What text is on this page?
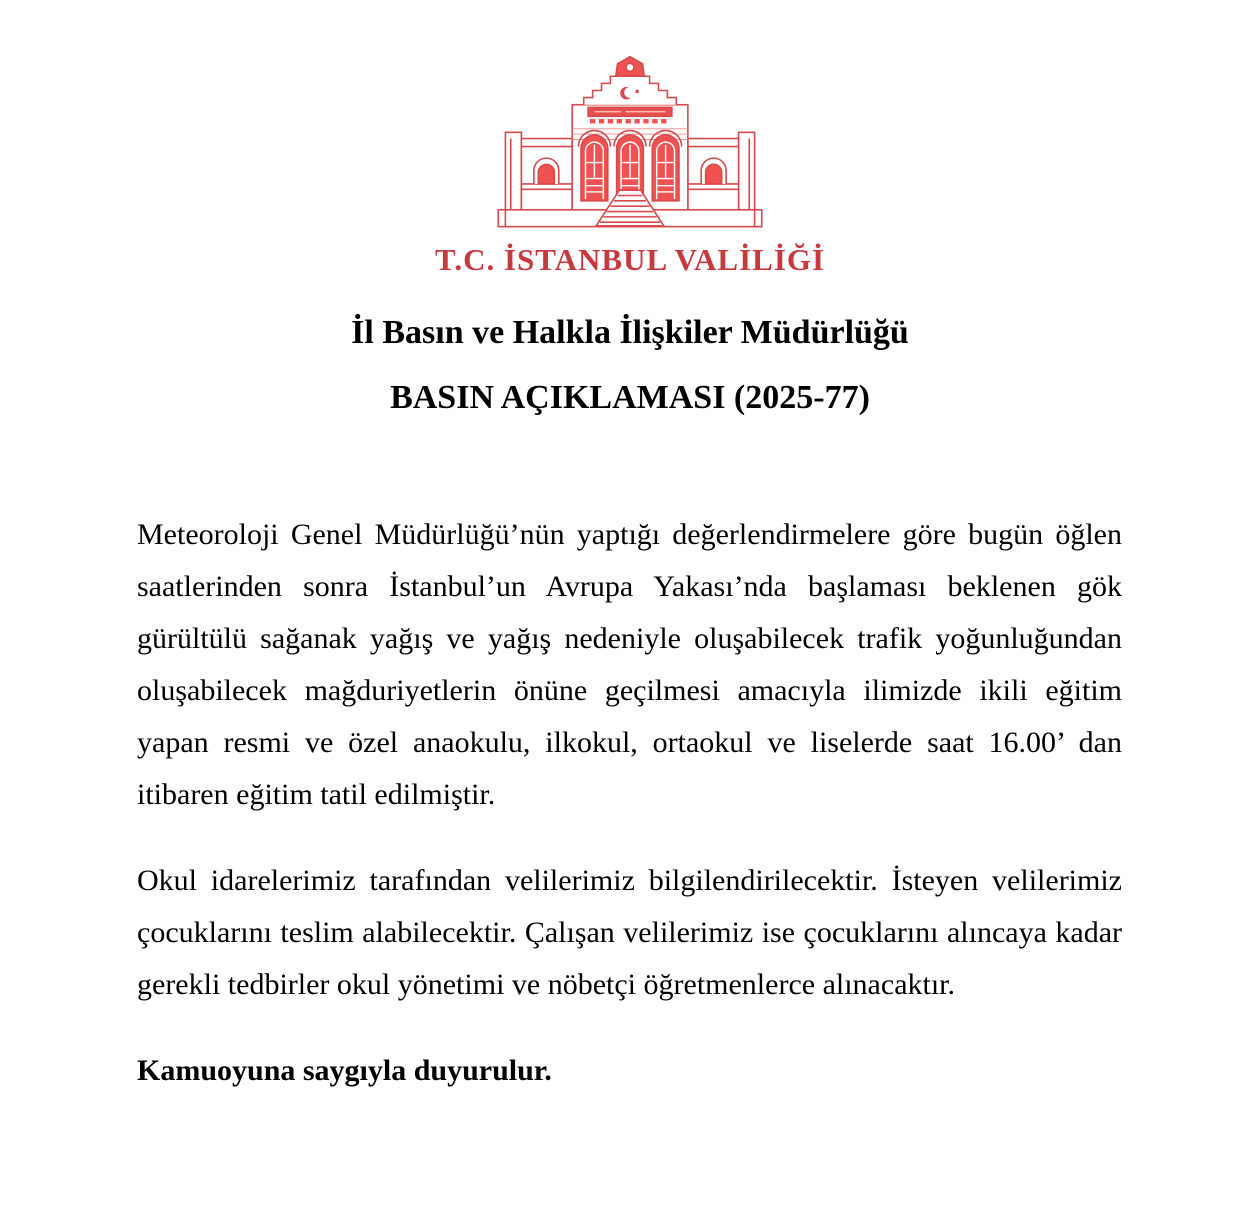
T.C. İSTANBUL VALİLİĞİ
İl Basın ve Halkla İlişkiler Müdürlüğü
BASIN AÇIKLAMASI (2025-77)

Meteoroloji Genel Müdürlüğü’nün yaptığı değerlendirmelere göre bugün öğlen saatlerinden sonra İstanbul’un Avrupa Yakası’nda başlaması beklenen gök gürültülü sağanak yağış ve yağış nedeniyle oluşabilecek trafik yoğunluğundan oluşabilecek mağduriyetlerin önüne geçilmesi amacıyla ilimizde ikili eğitim yapan resmi ve özel anaokulu, ilkokul, ortaokul ve liselerde saat 16.00’ dan itibaren eğitim tatil edilmiştir.

Okul idarelerimiz tarafından velilerimiz bilgilendirilecektir. İsteyen velilerimiz çocuklarını teslim alabilecektir. Çalışan velilerimiz ise çocuklarını alıncaya kadar gerekli tedbirler okul yönetimi ve nöbetçi öğretmenlerce alınacaktır.

Kamuoyuna saygıyla duyurulur.
